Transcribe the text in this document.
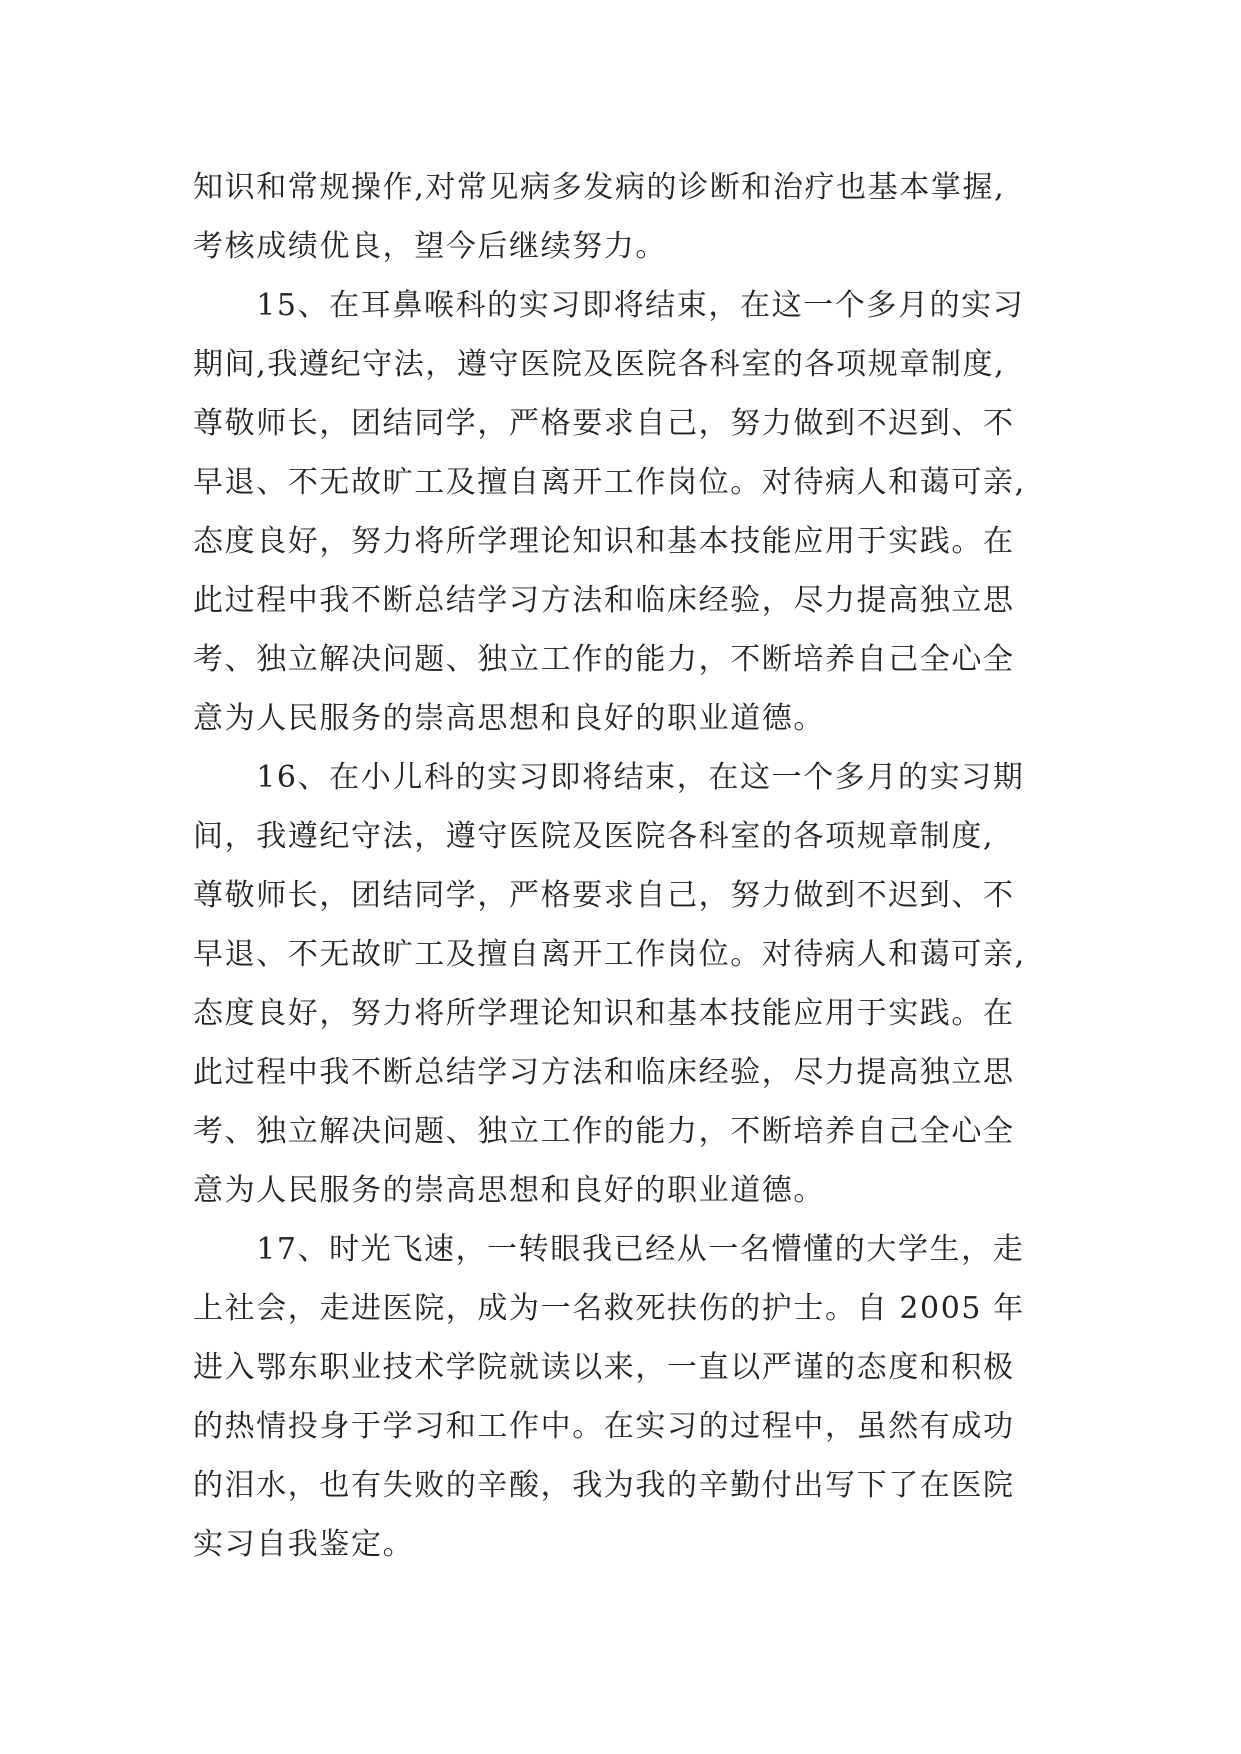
知识和常规操作,对常见病多发病的诊断和治疗也基本掌握,
考核成绩优良，望今后继续努力。
　　15、在耳鼻喉科的实习即将结束，在这一个多月的实习
期间,我遵纪守法，遵守医院及医院各科室的各项规章制度,
尊敬师长，团结同学，严格要求自己，努力做到不迟到、不
早退、不无故旷工及擅自离开工作岗位。对待病人和蔼可亲,
态度良好，努力将所学理论知识和基本技能应用于实践。在
此过程中我不断总结学习方法和临床经验，尽力提高独立思
考、独立解决问题、独立工作的能力，不断培养自己全心全
意为人民服务的崇高思想和良好的职业道德。
　　16、在小儿科的实习即将结束，在这一个多月的实习期
间，我遵纪守法，遵守医院及医院各科室的各项规章制度,
尊敬师长，团结同学，严格要求自己，努力做到不迟到、不
早退、不无故旷工及擅自离开工作岗位。对待病人和蔼可亲,
态度良好，努力将所学理论知识和基本技能应用于实践。在
此过程中我不断总结学习方法和临床经验，尽力提高独立思
考、独立解决问题、独立工作的能力，不断培养自己全心全
意为人民服务的崇高思想和良好的职业道德。
　　17、时光飞速，一转眼我已经从一名懵懂的大学生，走
上社会，走进医院，成为一名救死扶伤的护士。自 2005 年
进入鄂东职业技术学院就读以来，一直以严谨的态度和积极
的热情投身于学习和工作中。在实习的过程中，虽然有成功
的泪水，也有失败的辛酸，我为我的辛勤付出写下了在医院
实习自我鉴定。
